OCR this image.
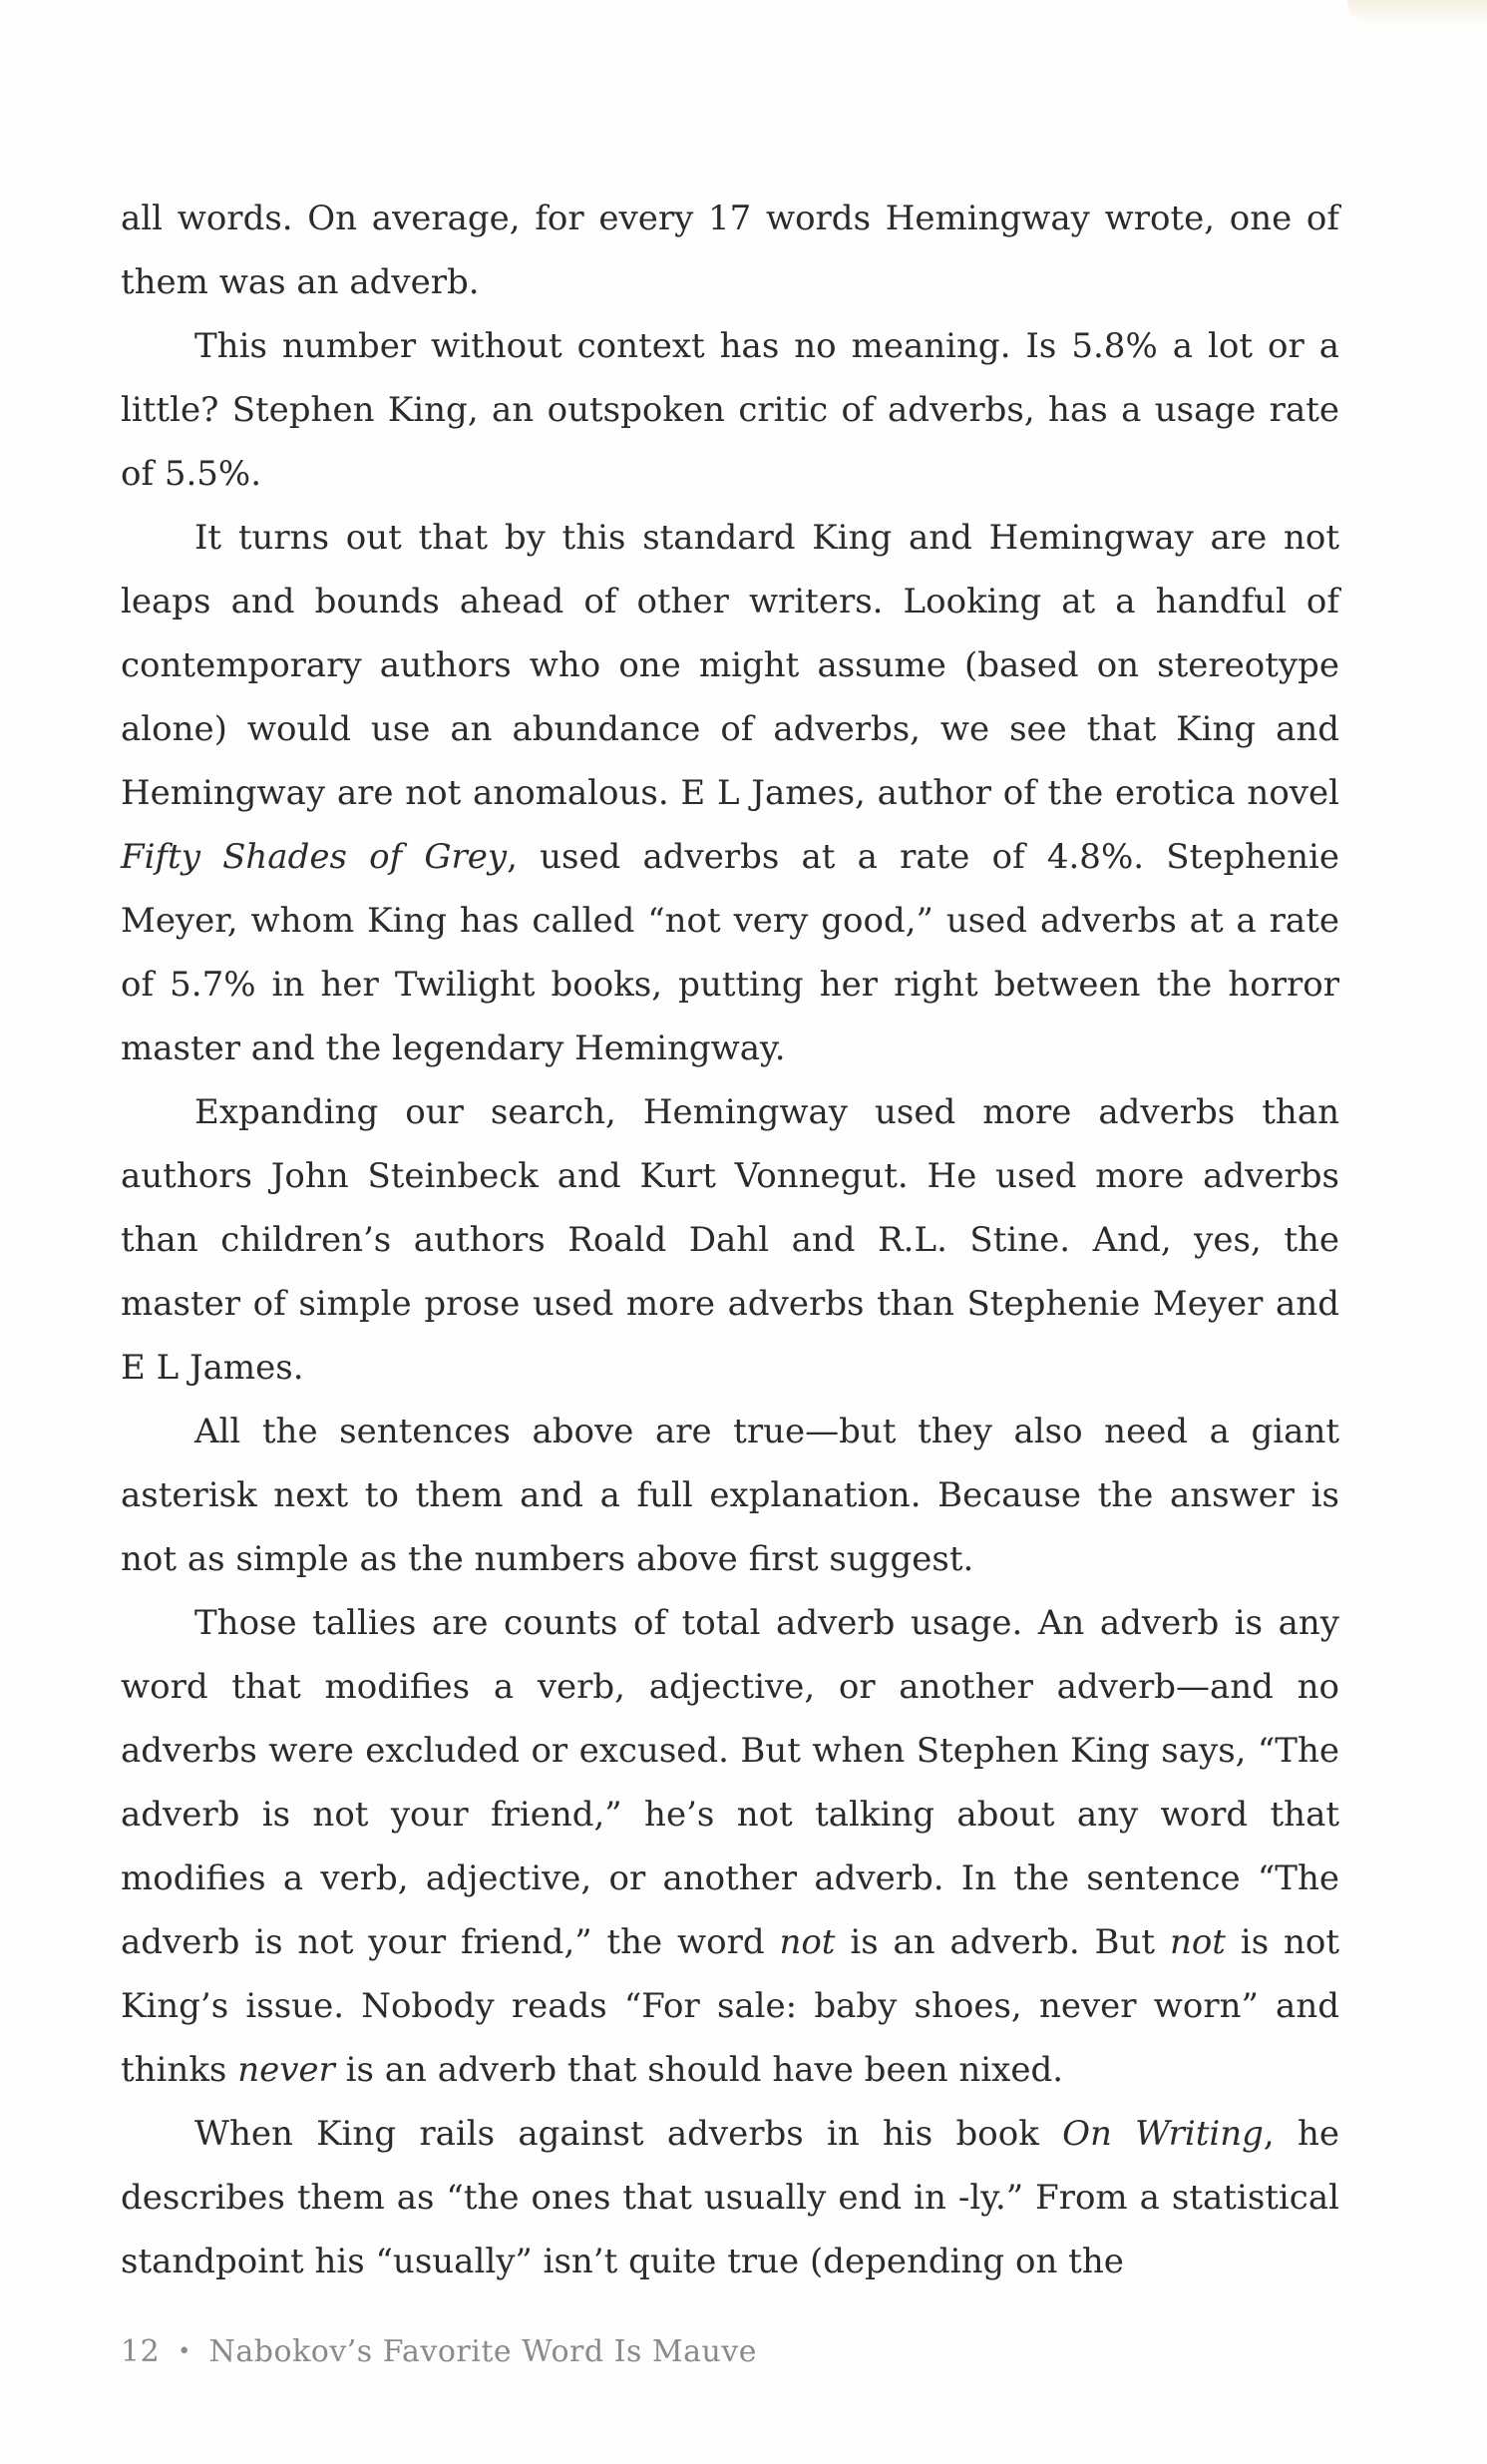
all words. On average, for every 17 words Hemingway wrote, one of them was an adverb.

This number without context has no meaning. Is 5.8% a lot or a little? Stephen King, an outspoken critic of adverbs, has a usage rate of 5.5%.

It turns out that by this standard King and Hemingway are not leaps and bounds ahead of other writers. Looking at a handful of contemporary authors who one might assume (based on stereotype alone) would use an abundance of adverbs, we see that King and Hemingway are not anomalous. E L James, author of the erotica novel Fifty Shades of Grey, used adverbs at a rate of 4.8%. Stephenie Meyer, whom King has called “not very good,” used adverbs at a rate of 5.7% in her Twilight books, putting her right between the horror master and the legendary Hemingway.

Expanding our search, Hemingway used more adverbs than authors John Steinbeck and Kurt Vonnegut. He used more adverbs than children’s authors Roald Dahl and R.L. Stine. And, yes, the master of simple prose used more adverbs than Stephenie Meyer and E L James.

All the sentences above are true—but they also need a giant asterisk next to them and a full explanation. Because the answer is not as simple as the numbers above first suggest.

Those tallies are counts of total adverb usage. An adverb is any word that modifies a verb, adjective, or another adverb—and no adverbs were excluded or excused. But when Stephen King says, “The adverb is not your friend,” he’s not talking about any word that modifies a verb, adjective, or another adverb. In the sentence “The adverb is not your friend,” the word not is an adverb. But not is not King’s issue. Nobody reads “For sale: baby shoes, never worn” and thinks never is an adverb that should have been nixed.

When King rails against adverbs in his book On Writing, he describes them as “the ones that usually end in -ly.” From a statistical standpoint his “usually” isn’t quite true (depending on the

12 • Nabokov’s Favorite Word Is Mauve
